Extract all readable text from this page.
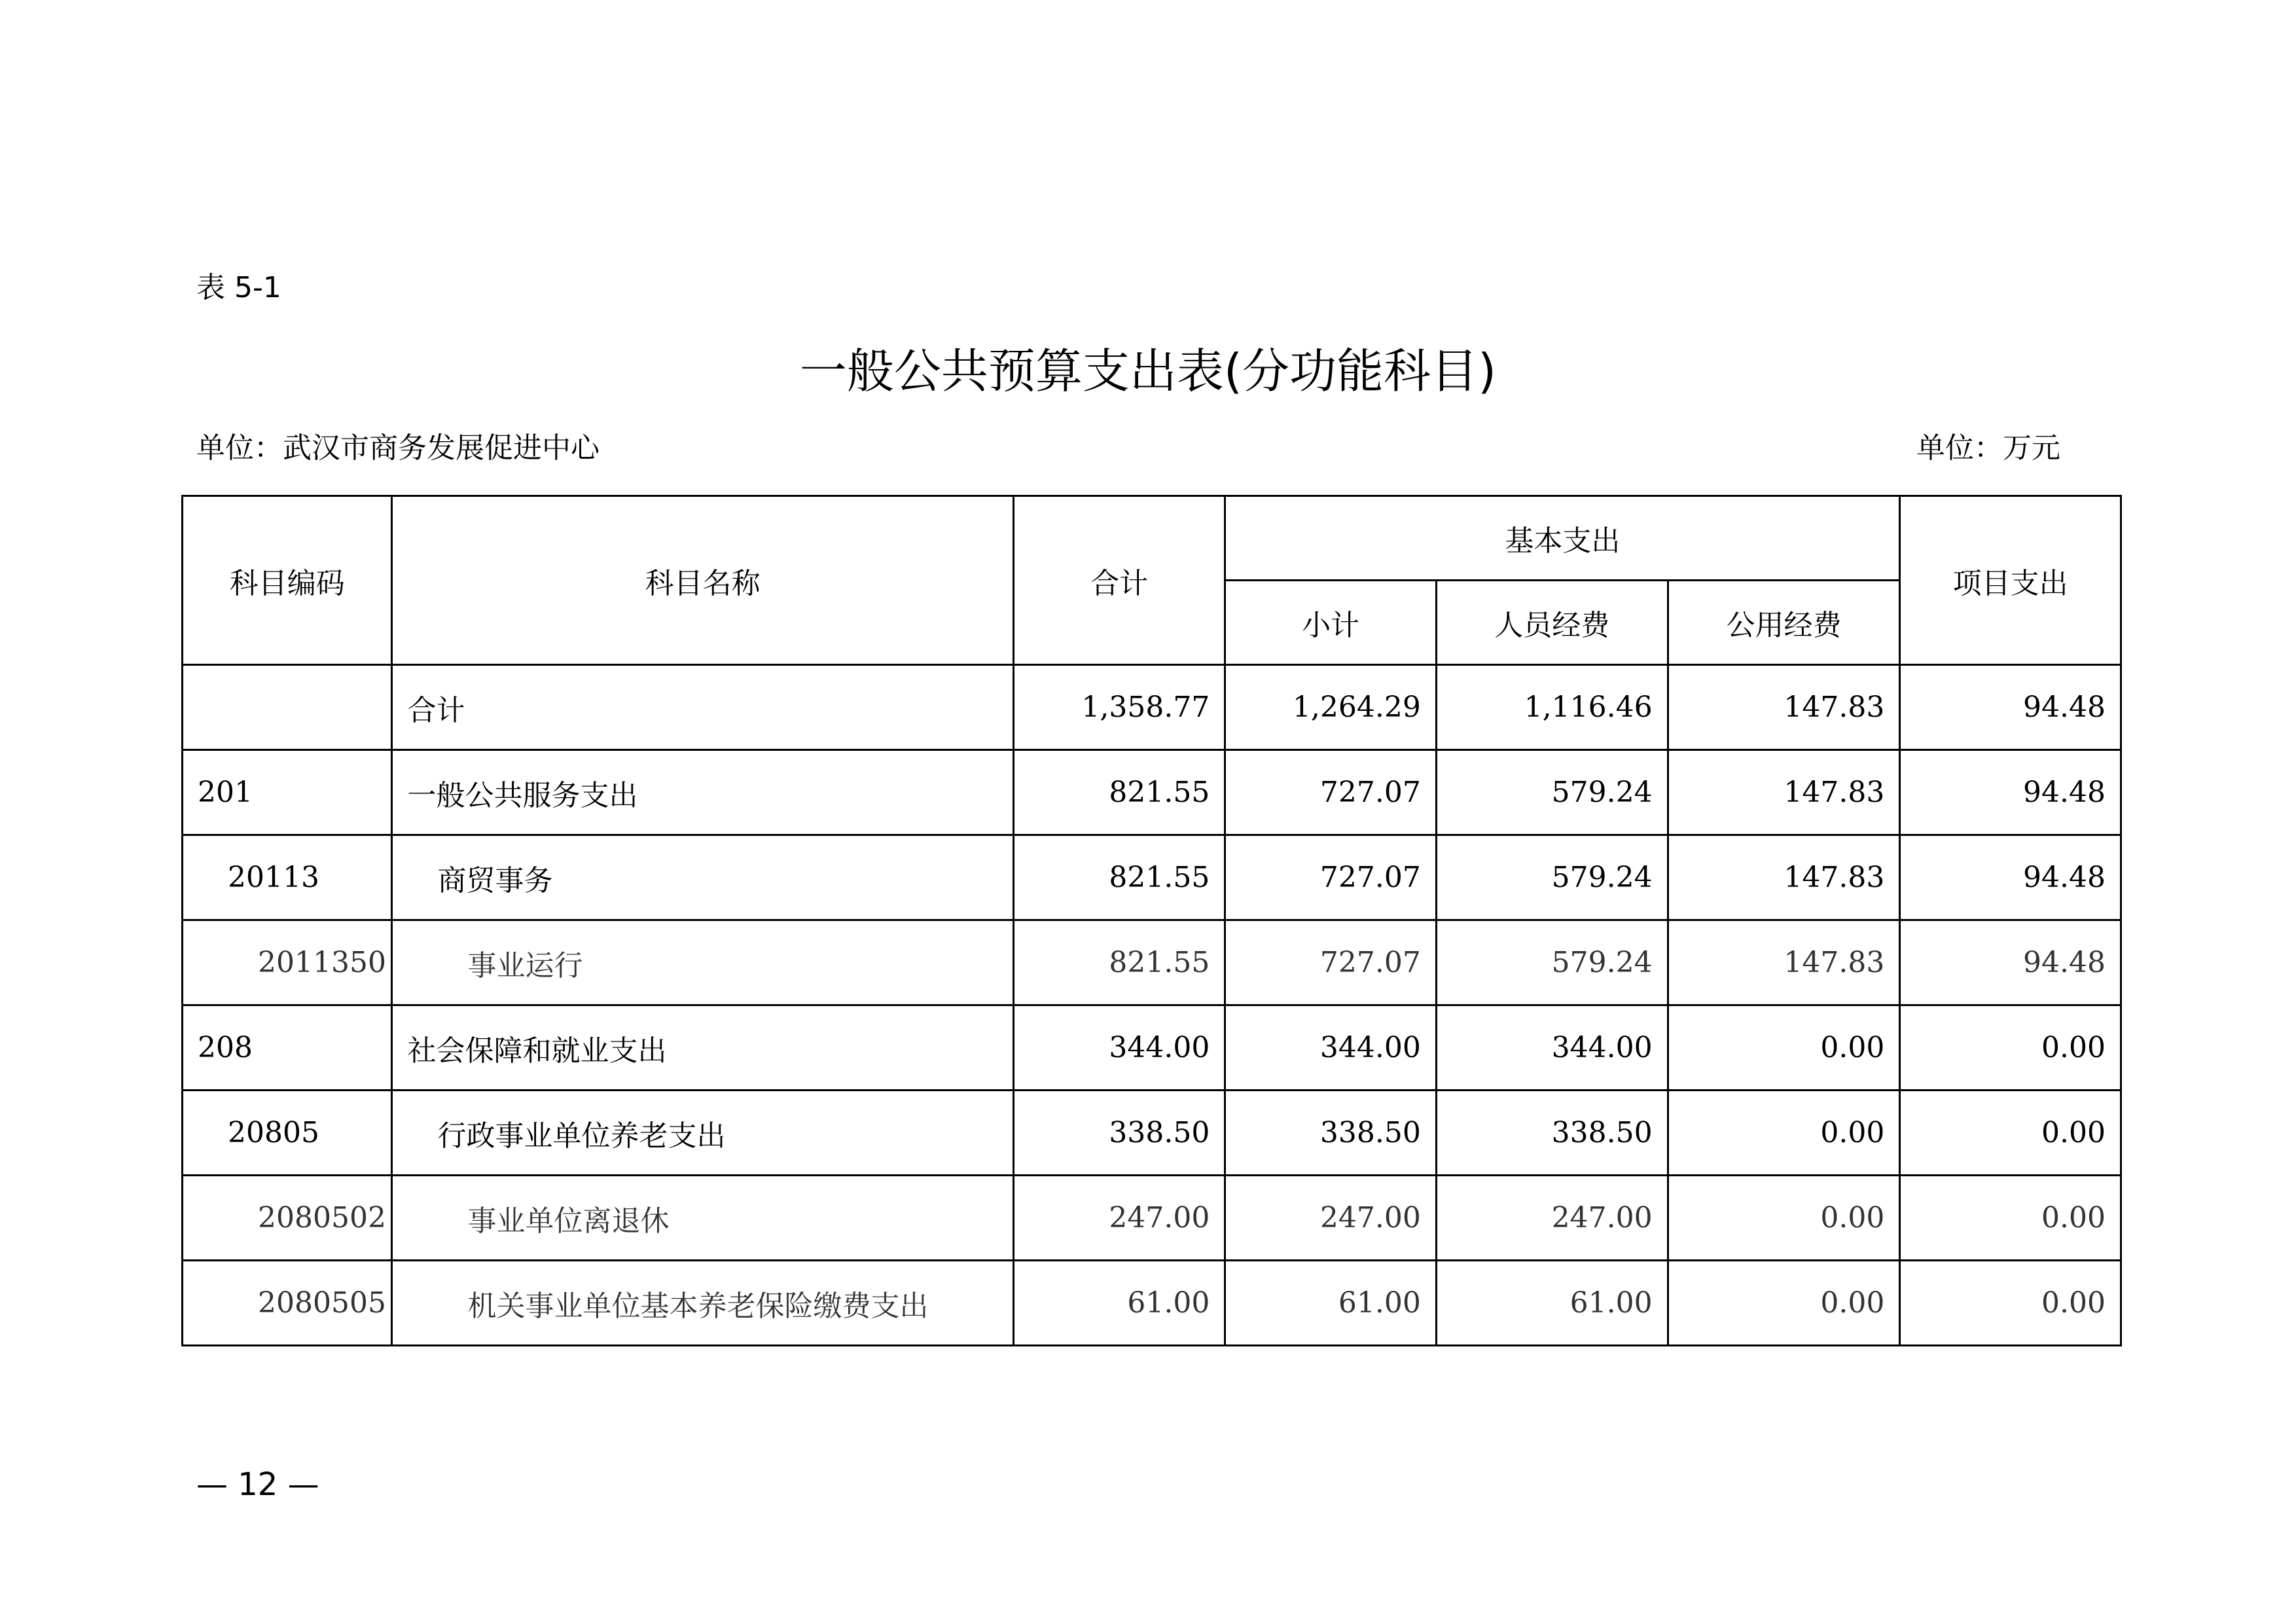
表 5-1
一般公共预算支出表(分功能科目)
单位：武汉市商务发展促进中心	单位：万元
科目编码	科目名称	合计	基本支出			项目支出
			小计	人员经费	公用经费	
	合计	1,358.77	1,264.29	1,116.46	147.83	94.48
201	一般公共服务支出	821.55	727.07	579.24	147.83	94.48
20113	商贸事务	821.55	727.07	579.24	147.83	94.48
2011350	事业运行	821.55	727.07	579.24	147.83	94.48
208	社会保障和就业支出	344.00	344.00	344.00	0.00	0.00
20805	行政事业单位养老支出	338.50	338.50	338.50	0.00	0.00
2080502	事业单位离退休	247.00	247.00	247.00	0.00	0.00
2080505	机关事业单位基本养老保险缴费支出	61.00	61.00	61.00	0.00	0.00
— 12 —
